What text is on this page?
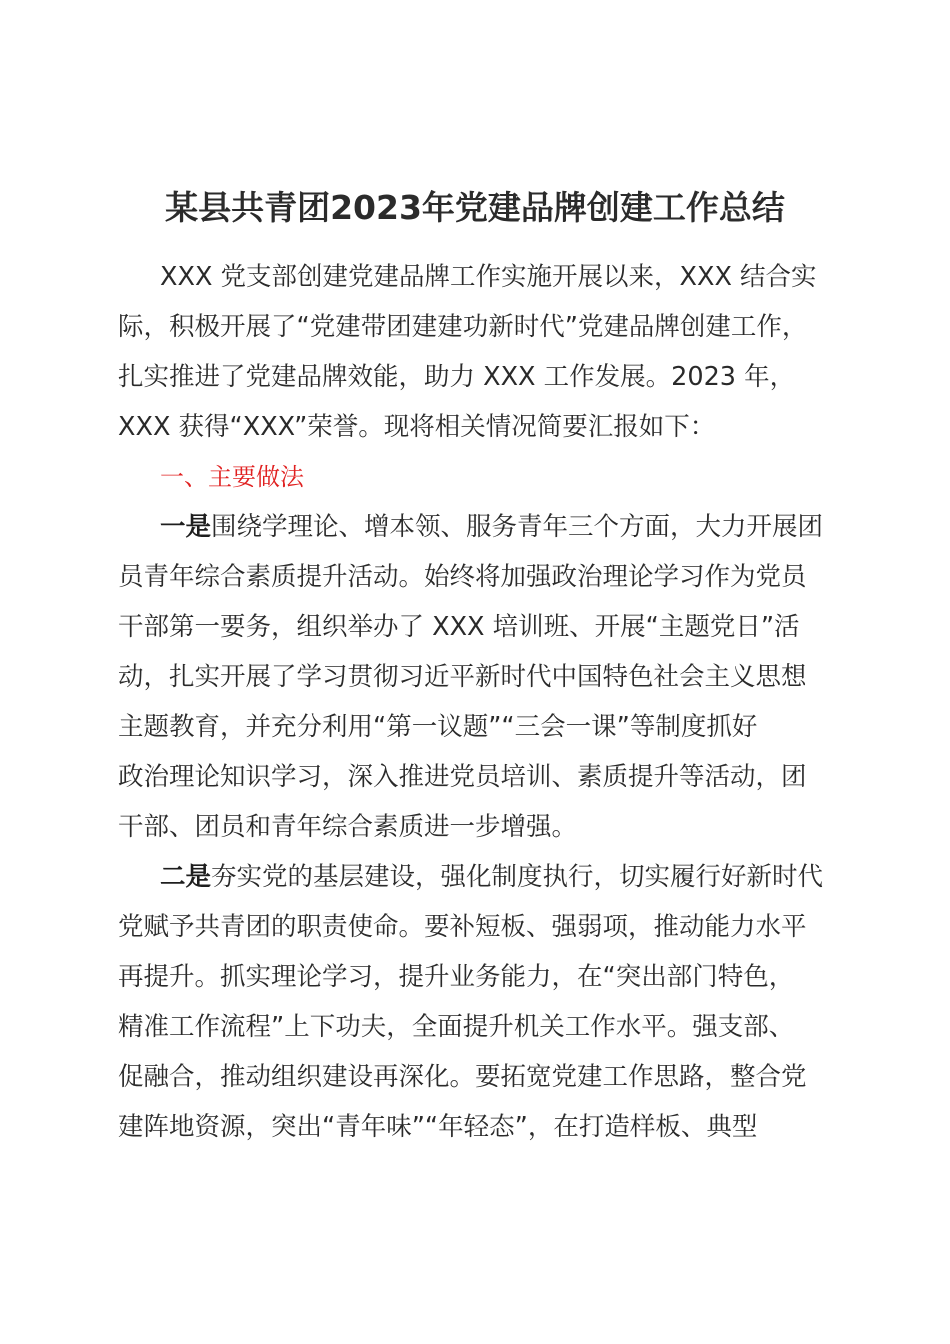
某县共青团2023年党建品牌创建工作总结
XXX 党支部创建党建品牌工作实施开展以来，XXX 结合实
际，积极开展了“党建带团建建功新时代”党建品牌创建工作，
扎实推进了党建品牌效能，助力 XXX 工作发展。2023 年，
XXX 获得“XXX”荣誉。现将相关情况简要汇报如下：
一、主要做法
一是围绕学理论、增本领、服务青年三个方面，大力开展团
员青年综合素质提升活动。始终将加强政治理论学习作为党员
干部第一要务，组织举办了 XXX 培训班、开展“主题党日”活
动，扎实开展了学习贯彻习近平新时代中国特色社会主义思想
主题教育，并充分利用“第一议题”“三会一课”等制度抓好
政治理论知识学习，深入推进党员培训、素质提升等活动，团
干部、团员和青年综合素质进一步增强。
二是夯实党的基层建设，强化制度执行，切实履行好新时代
党赋予共青团的职责使命。要补短板、强弱项，推动能力水平
再提升。抓实理论学习，提升业务能力，在“突出部门特色，
精准工作流程”上下功夫，全面提升机关工作水平。强支部、
促融合，推动组织建设再深化。要拓宽党建工作思路，整合党
建阵地资源，突出“青年味”“年轻态”，在打造样板、典型
